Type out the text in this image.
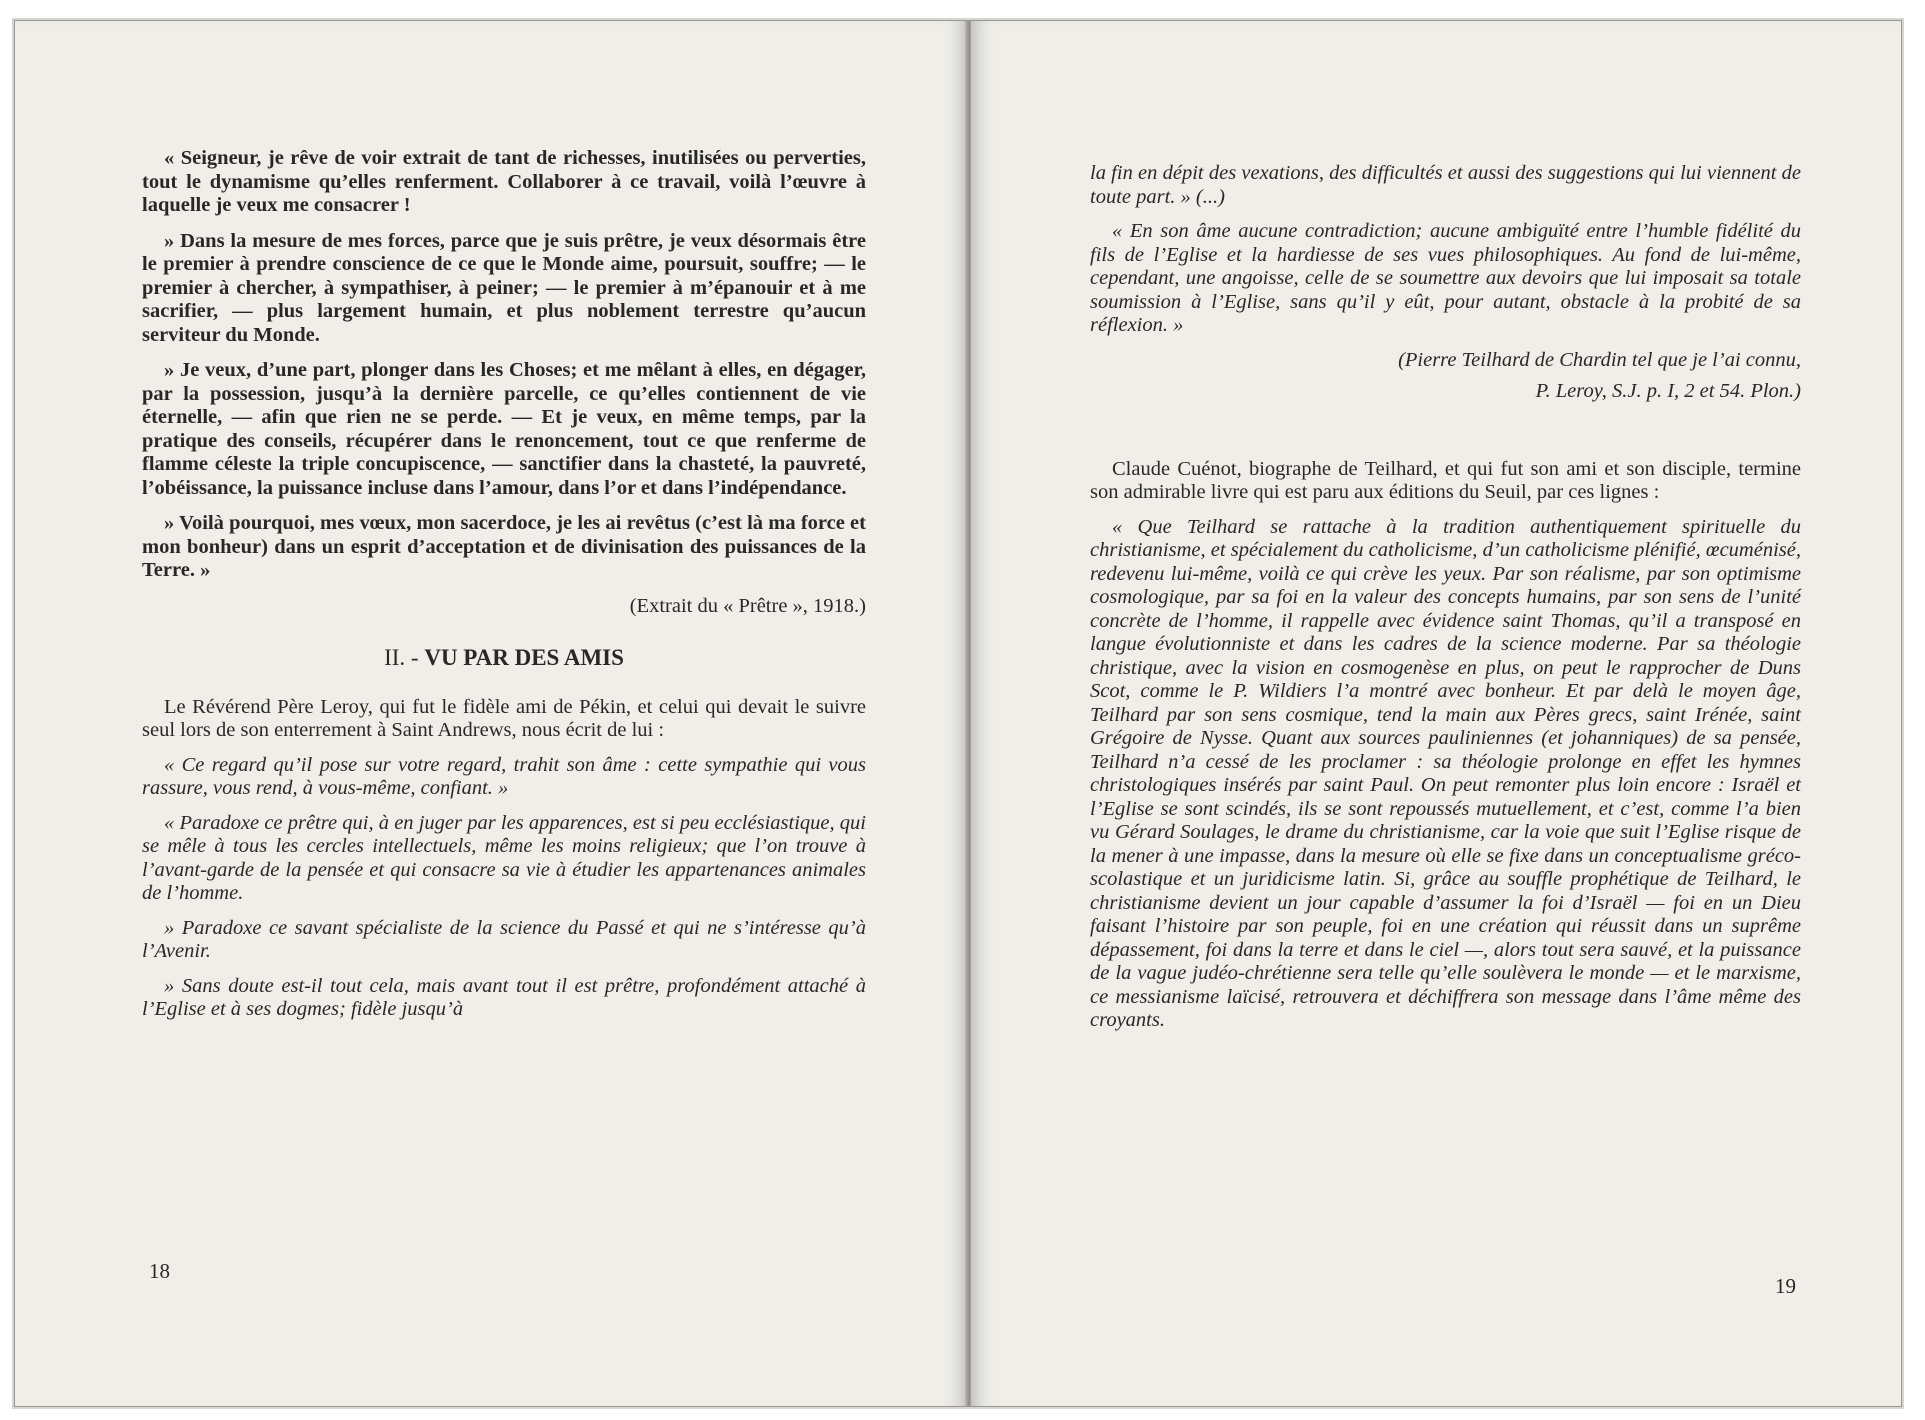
« Seigneur, je rêve de voir extrait de tant de richesses, inutilisées ou perverties, tout le dynamisme qu’elles renferment. Collaborer à ce travail, voilà l’œuvre à laquelle je veux me consacrer !

» Dans la mesure de mes forces, parce que je suis prêtre, je veux désormais être le premier à prendre conscience de ce que le Monde aime, poursuit, souffre; — le premier à chercher, à sympathiser, à peiner; — le premier à m’épanouir et à me sacrifier, — plus largement humain, et plus noblement terrestre qu’aucun serviteur du Monde.

» Je veux, d’une part, plonger dans les Choses; et me mêlant à elles, en dégager, par la possession, jusqu’à la dernière parcelle, ce qu’elles contiennent de vie éternelle, — afin que rien ne se perde. — Et je veux, en même temps, par la pratique des conseils, récupérer dans le renoncement, tout ce que renferme de flamme céleste la triple concupiscence, — sanctifier dans la chasteté, la pauvreté, l’obéissance, la puissance incluse dans l’amour, dans l’or et dans l’indépendance.

» Voilà pourquoi, mes vœux, mon sacerdoce, je les ai revêtus (c’est là ma force et mon bonheur) dans un esprit d’acceptation et de divinisation des puissances de la Terre. »

(Extrait du « Prêtre », 1918.)

II. - VU PAR DES AMIS

Le Révérend Père Leroy, qui fut le fidèle ami de Pékin, et celui qui devait le suivre seul lors de son enterrement à Saint Andrews, nous écrit de lui :

« Ce regard qu’il pose sur votre regard, trahit son âme : cette sympathie qui vous rassure, vous rend, à vous-même, confiant. »

« Paradoxe ce prêtre qui, à en juger par les apparences, est si peu ecclésiastique, qui se mêle à tous les cercles intellectuels, même les moins religieux; que l’on trouve à l’avant-garde de la pensée et qui consacre sa vie à étudier les appartenances animales de l’homme.

» Paradoxe ce savant spécialiste de la science du Passé et qui ne s’intéresse qu’à l’Avenir.

» Sans doute est-il tout cela, mais avant tout il est prêtre, profondément attaché à l’Eglise et à ses dogmes; fidèle jusqu’à

18

la fin en dépit des vexations, des difficultés et aussi des suggestions qui lui viennent de toute part. » (...)

« En son âme aucune contradiction; aucune ambiguïté entre l’humble fidélité du fils de l’Eglise et la hardiesse de ses vues philosophiques. Au fond de lui-même, cependant, une angoisse, celle de se soumettre aux devoirs que lui imposait sa totale soumission à l’Eglise, sans qu’il y eût, pour autant, obstacle à la probité de sa réflexion. »

(Pierre Teilhard de Chardin tel que je l’ai connu,

P. Leroy, S.J. p. I, 2 et 54. Plon.)

Claude Cuénot, biographe de Teilhard, et qui fut son ami et son disciple, termine son admirable livre qui est paru aux éditions du Seuil, par ces lignes :

« Que Teilhard se rattache à la tradition authentiquement spirituelle du christianisme, et spécialement du catholicisme, d’un catholicisme plénifié, œcuménisé, redevenu lui-même, voilà ce qui crève les yeux. Par son réalisme, par son optimisme cosmologique, par sa foi en la valeur des concepts humains, par son sens de l’unité concrète de l’homme, il rappelle avec évidence saint Thomas, qu’il a transposé en langue évolutionniste et dans les cadres de la science moderne. Par sa théologie christique, avec la vision en cosmogenèse en plus, on peut le rapprocher de Duns Scot, comme le P. Wildiers l’a montré avec bonheur. Et par delà le moyen âge, Teilhard par son sens cosmique, tend la main aux Pères grecs, saint Irénée, saint Grégoire de Nysse. Quant aux sources pauliniennes (et johanniques) de sa pensée, Teilhard n’a cessé de les proclamer : sa théologie prolonge en effet les hymnes christologiques insérés par saint Paul. On peut remonter plus loin encore : Israël et l’Eglise se sont scindés, ils se sont repoussés mutuellement, et c’est, comme l’a bien vu Gérard Soulages, le drame du christianisme, car la voie que suit l’Eglise risque de la mener à une impasse, dans la mesure où elle se fixe dans un conceptualisme gréco-scolastique et un juridicisme latin. Si, grâce au souffle prophétique de Teilhard, le christianisme devient un jour capable d’assumer la foi d’Israël — foi en un Dieu faisant l’histoire par son peuple, foi en une création qui réussit dans un suprême dépassement, foi dans la terre et dans le ciel —, alors tout sera sauvé, et la puissance de la vague judéo-chrétienne sera telle qu’elle soulèvera le monde — et le marxisme, ce messianisme laïcisé, retrouvera et déchiffrera son message dans l’âme même des croyants.

19
